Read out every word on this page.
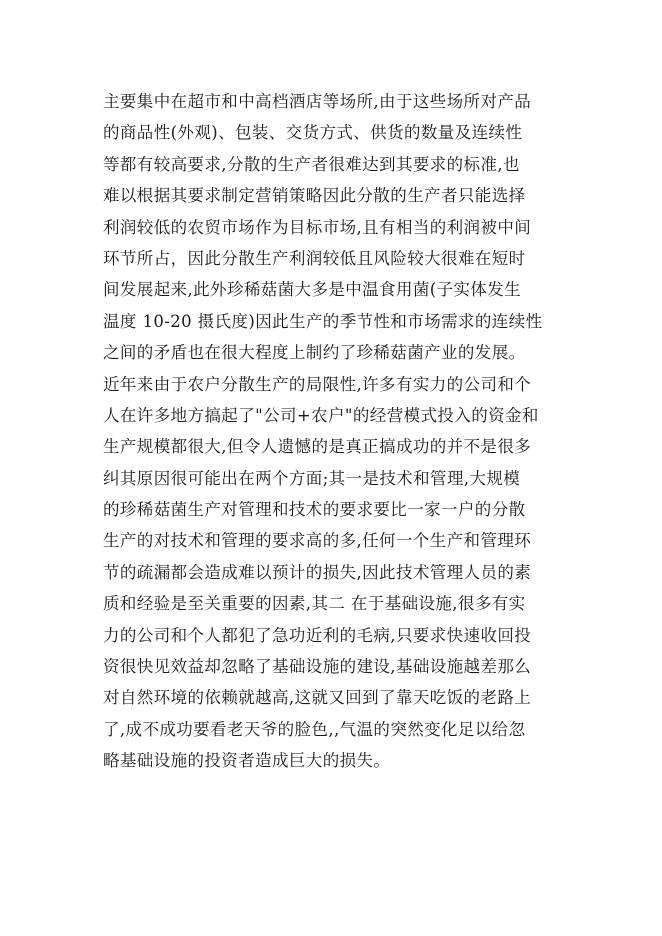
主要集中在超市和中高档酒店等场所,由于这些场所对产品
的商品性(外观)、包装、交货方式、供货的数量及连续性
等都有较高要求,分散的生产者很难达到其要求的标准,也
难以根据其要求制定营销策略因此分散的生产者只能选择
利润较低的农贸市场作为目标市场,且有相当的利润被中间
环节所占，因此分散生产利润较低且风险较大很难在短时
间发展起来,此外珍稀菇菌大多是中温食用菌(子实体发生
温度 10-20 摄氏度)因此生产的季节性和市场需求的连续性
之间的矛盾也在很大程度上制约了珍稀菇菌产业的发展。
近年来由于农户分散生产的局限性,许多有实力的公司和个
人在许多地方搞起了"公司+农户"的经营模式投入的资金和
生产规模都很大,但令人遗憾的是真正搞成功的并不是很多
纠其原因很可能出在两个方面;其一是技术和管理,大规模
的珍稀菇菌生产对管理和技术的要求要比一家一户的分散
生产的对技术和管理的要求高的多,任何一个生产和管理环
节的疏漏都会造成难以预计的损失,因此技术管理人员的素
质和经验是至关重要的因素,其二 在于基础设施,很多有实
力的公司和个人都犯了急功近利的毛病,只要求快速收回投
资很快见效益却忽略了基础设施的建设,基础设施越差那么
对自然环境的依赖就越高,这就又回到了靠天吃饭的老路上
了,成不成功要看老天爷的脸色,,气温的突然变化足以给忽
略基础设施的投资者造成巨大的损失。
